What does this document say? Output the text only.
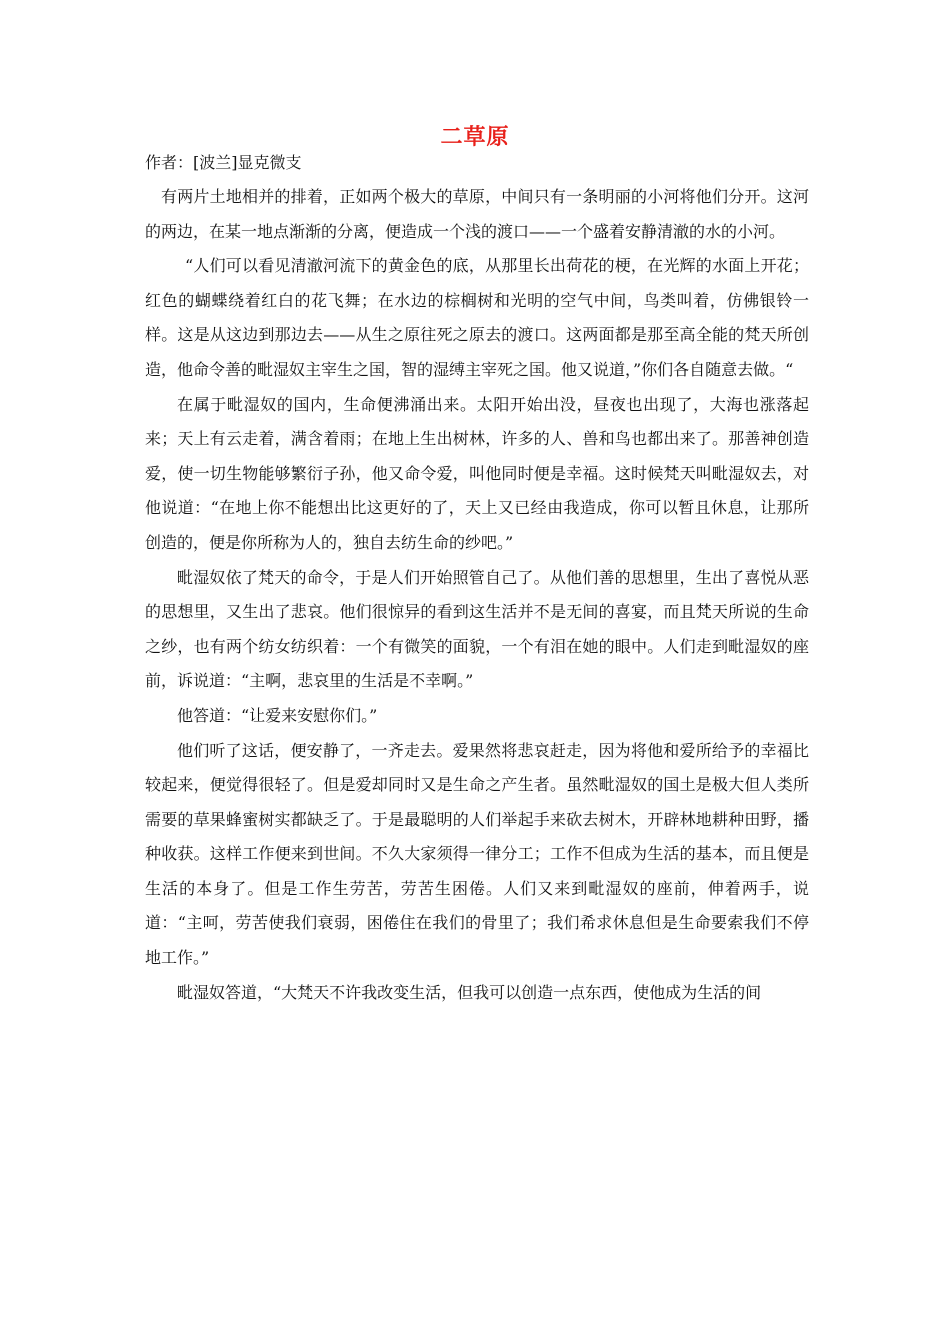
二草原
作者：[波兰]显克微支

有两片土地相并的排着，正如两个极大的草原，中间只有一条明丽的小河将他们分开。这河的两边，在某一地点渐渐的分离，便造成一个浅的渡口——一个盛着安静清澈的水的小河。

“人们可以看见清澈河流下的黄金色的底，从那里长出荷花的梗，在光辉的水面上开花；红色的蝴蝶绕着红白的花飞舞；在水边的棕榈树和光明的空气中间，鸟类叫着，仿佛银铃一样。这是从这边到那边去——从生之原往死之原去的渡口。这两面都是那至高全能的梵天所创造，他命令善的毗湿奴主宰生之国，智的湿缚主宰死之国。他又说道，”你们各自随意去做。“

在属于毗湿奴的国内，生命便沸涌出来。太阳开始出没，昼夜也出现了，大海也涨落起来；天上有云走着，满含着雨；在地上生出树林，许多的人、兽和鸟也都出来了。那善神创造爱，使一切生物能够繁衍子孙，他又命令爱，叫他同时便是幸福。这时候梵天叫毗湿奴去，对他说道：“在地上你不能想出比这更好的了，天上又已经由我造成，你可以暂且休息，让那所创造的，便是你所称为人的，独自去纺生命的纱吧。”

毗湿奴依了梵天的命令，于是人们开始照管自己了。从他们善的思想里，生出了喜悦从恶的思想里，又生出了悲哀。他们很惊异的看到这生活并不是无间的喜宴，而且梵天所说的生命之纱，也有两个纺女纺织着：一个有微笑的面貌，一个有泪在她的眼中。人们走到毗湿奴的座前，诉说道：“主啊，悲哀里的生活是不幸啊。”

他答道：“让爱来安慰你们。”

他们听了这话，便安静了，一齐走去。爱果然将悲哀赶走，因为将他和爱所给予的幸福比较起来，便觉得很轻了。但是爱却同时又是生命之产生者。虽然毗湿奴的国土是极大但人类所需要的草果蜂蜜树实都缺乏了。于是最聪明的人们举起手来砍去树木，开辟林地耕种田野，播种收获。这样工作便来到世间。不久大家须得一律分工；工作不但成为生活的基本，而且便是生活的本身了。但是工作生劳苦，劳苦生困倦。人们又来到毗湿奴的座前，伸着两手，说道：“主呵，劳苦使我们衰弱，困倦住在我们的骨里了；我们希求休息但是生命要索我们不停地工作。”

毗湿奴答道，“大梵天不许我改变生活，但我可以创造一点东西，使他成为生活的间
